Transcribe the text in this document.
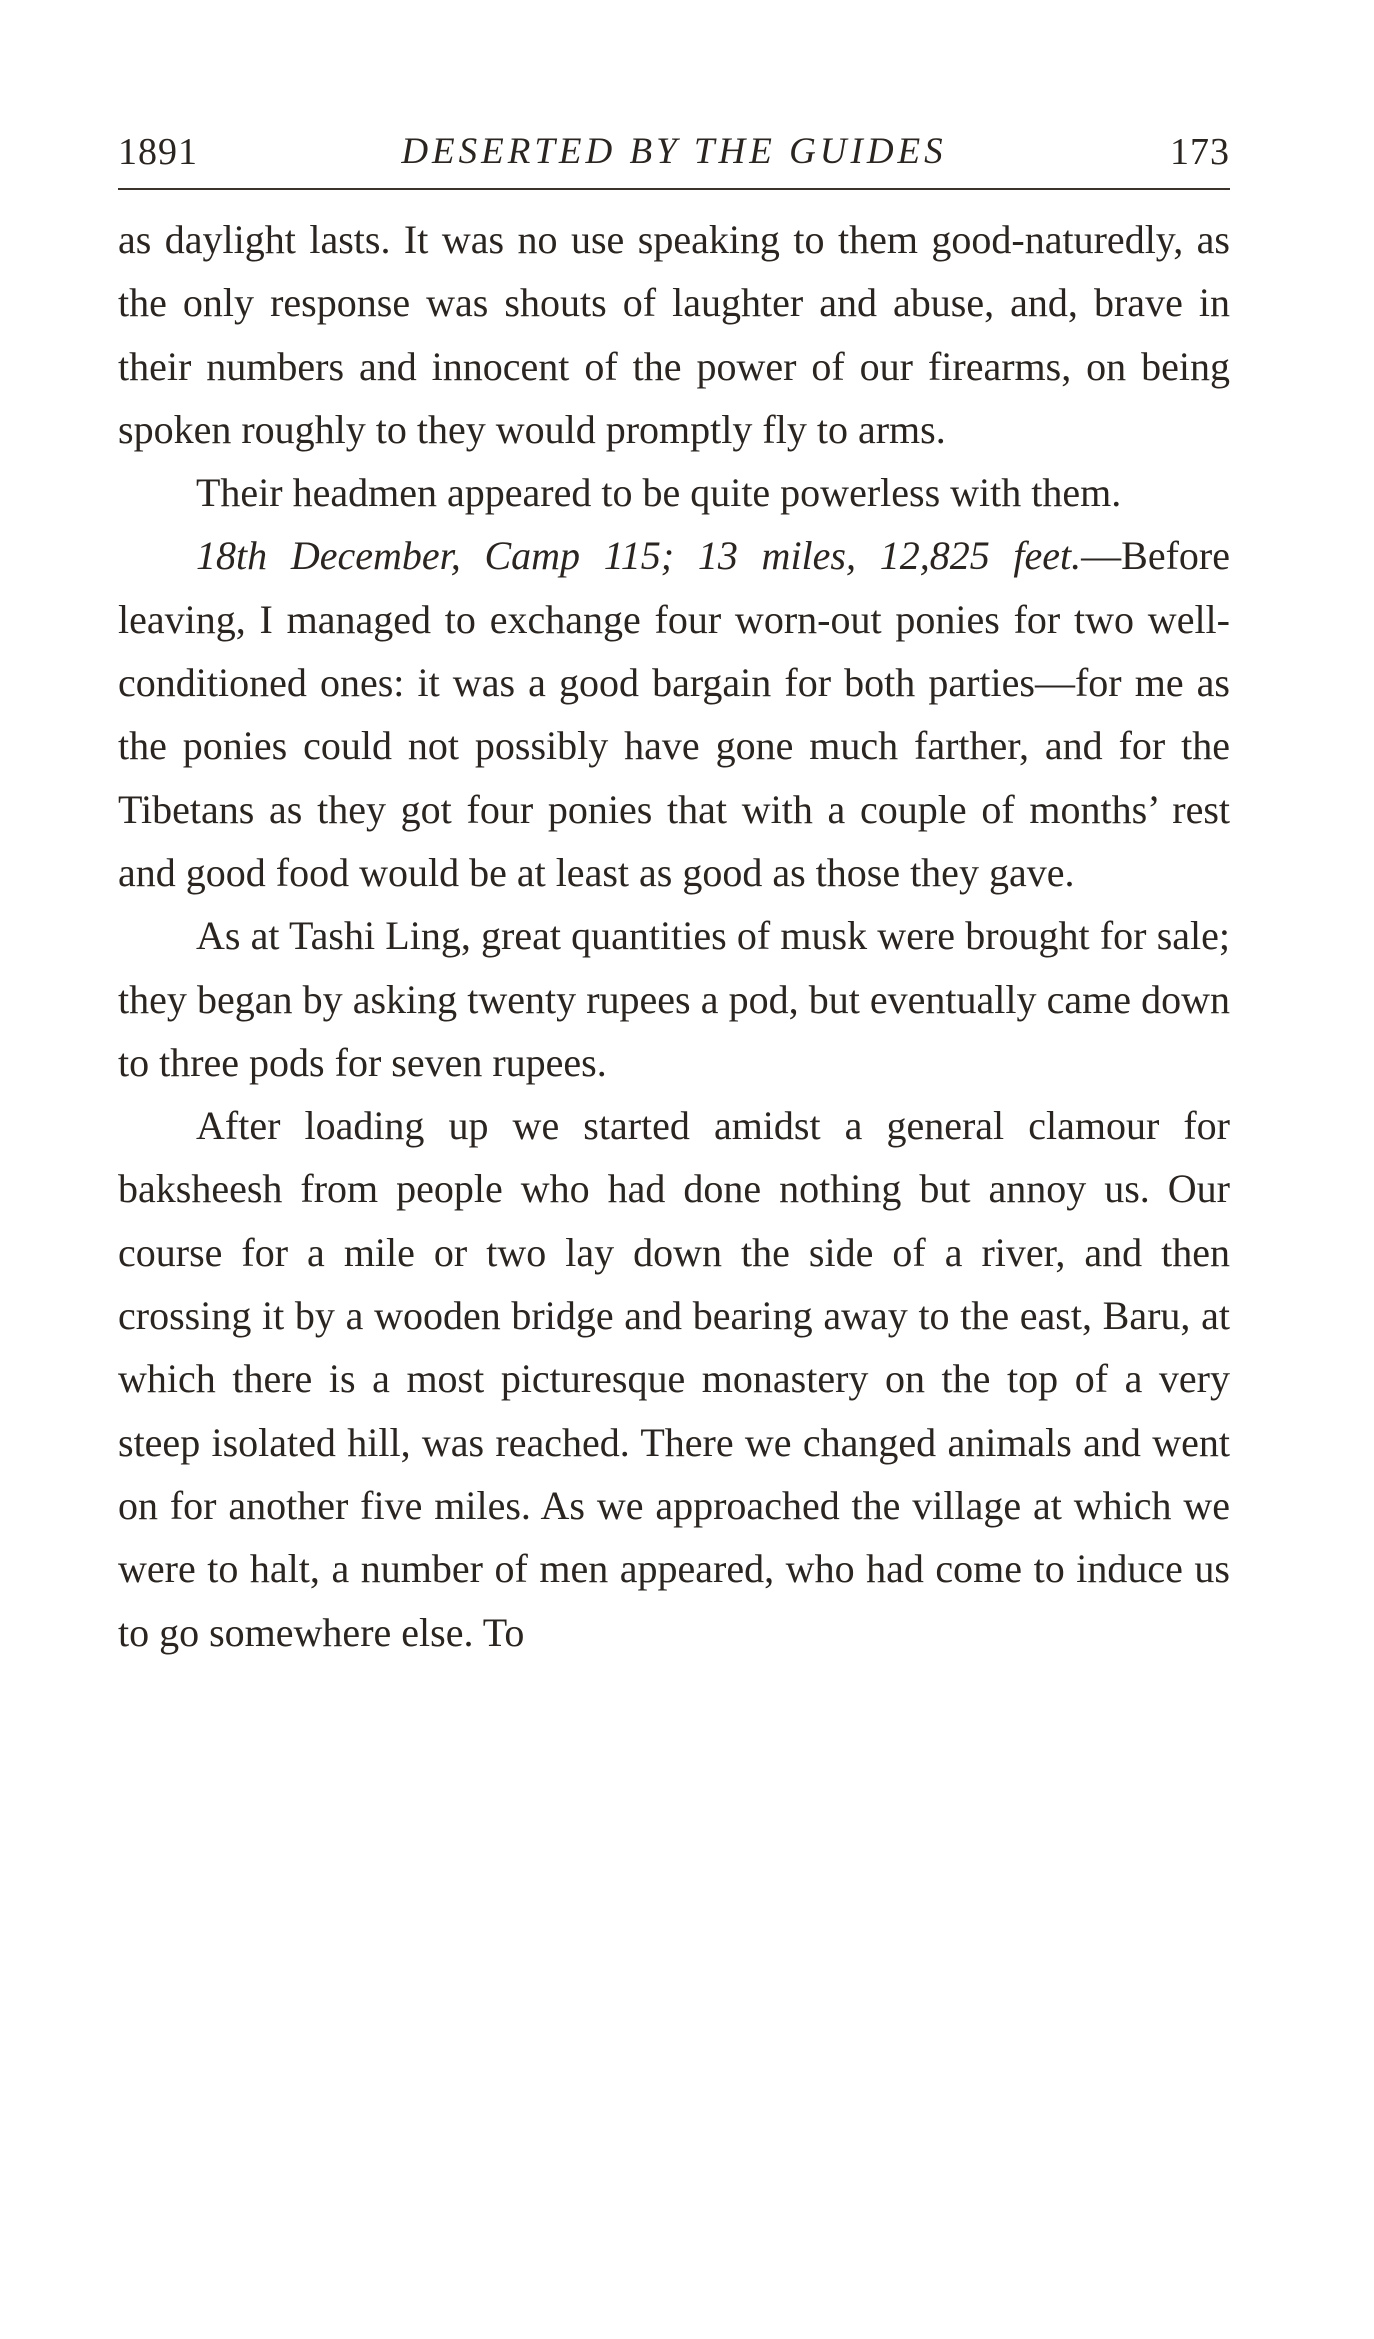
1891	DESERTED BY THE GUIDES	173

as daylight lasts. It was no use speaking to them good-naturedly, as the only response was shouts of laughter and abuse, and, brave in their numbers and innocent of the power of our firearms, on being spoken roughly to they would promptly fly to arms.

Their headmen appeared to be quite powerless with them.

18th December, Camp 115; 13 miles, 12,825 feet.—Before leaving, I managed to exchange four worn-out ponies for two well-conditioned ones: it was a good bargain for both parties—for me as the ponies could not possibly have gone much farther, and for the Tibetans as they got four ponies that with a couple of months’ rest and good food would be at least as good as those they gave.

As at Tashi Ling, great quantities of musk were brought for sale; they began by asking twenty rupees a pod, but eventually came down to three pods for seven rupees.

After loading up we started amidst a general clamour for baksheesh from people who had done nothing but annoy us. Our course for a mile or two lay down the side of a river, and then crossing it by a wooden bridge and bearing away to the east, Baru, at which there is a most picturesque monastery on the top of a very steep isolated hill, was reached. There we changed animals and went on for another five miles. As we approached the village at which we were to halt, a number of men appeared, who had come to induce us to go somewhere else. To
